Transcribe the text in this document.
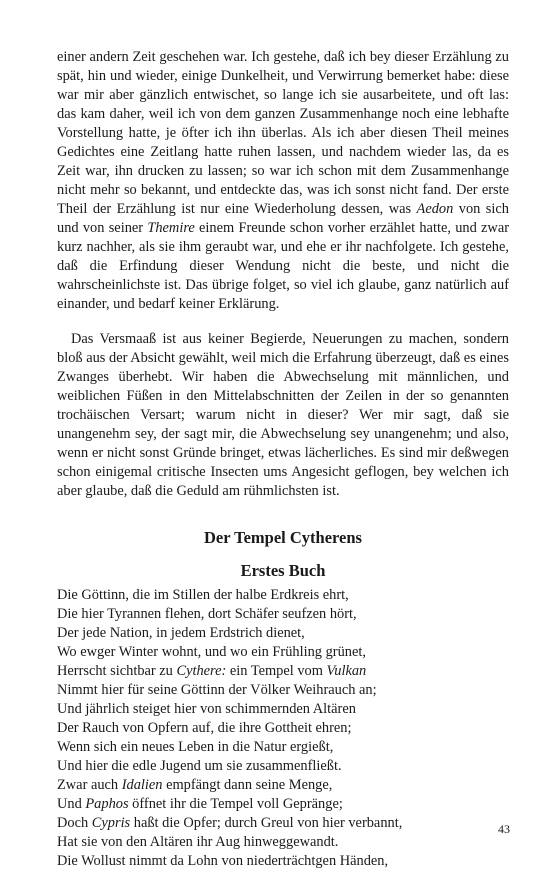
einer andern Zeit geschehen war. Ich gestehe, daß ich bey dieser Erzählung zu spät, hin und wieder, einige Dunkelheit, und Verwirrung bemerket habe: diese war mir aber gänzlich entwischet, so lange ich sie ausarbeitete, und oft las: das kam daher, weil ich von dem ganzen Zusammenhange noch eine lebhafte Vorstellung hatte, je öfter ich ihn überlas. Als ich aber diesen Theil meines Gedichtes eine Zeitlang hatte ruhen lassen, und nachdem wieder las, da es Zeit war, ihn drucken zu lassen; so war ich schon mit dem Zusammenhange nicht mehr so bekannt, und entdeckte das, was ich sonst nicht fand. Der erste Theil der Erzählung ist nur eine Wiederholung dessen, was Aedon von sich und von seiner Themire einem Freunde schon vorher erzählet hatte, und zwar kurz nachher, als sie ihm geraubt war, und ehe er ihr nachfolgete. Ich gestehe, daß die Erfindung dieser Wendung nicht die beste, und nicht die wahrscheinlichste ist. Das übrige folget, so viel ich glaube, ganz natürlich auf einander, und bedarf keiner Erklärung.

Das Versmaaß ist aus keiner Begierde, Neuerungen zu machen, sondern bloß aus der Absicht gewählt, weil mich die Erfahrung überzeugt, daß es eines Zwanges überhebt. Wir haben die Abwechselung mit männlichen, und weiblichen Füßen in den Mittelabschnitten der Zeilen in der so genannten trochäischen Versart; warum nicht in dieser? Wer mir sagt, daß sie unangenehm sey, der sagt mir, die Abwechselung sey unangenehm; und also, wenn er nicht sonst Gründe bringet, etwas lächerliches. Es sind mir deßwegen schon einigemal critische Insecten ums Angesicht geflogen, bey welchen ich aber glaube, daß die Geduld am rühmlichsten ist.

Der Tempel Cytherens
Erstes Buch
Die Göttinn, die im Stillen der halbe Erdkreis ehrt,
Die hier Tyrannen flehen, dort Schäfer seufzen hört,
Der jede Nation, in jedem Erdstrich dienet,
Wo ewger Winter wohnt, und wo ein Frühling grünet,
Herrscht sichtbar zu Cythere: ein Tempel vom Vulkan
Nimmt hier für seine Göttinn der Völker Weihrauch an;
Und jährlich steiget hier von schimmernden Altären
Der Rauch von Opfern auf, die ihre Gottheit ehren;
Wenn sich ein neues Leben in die Natur ergießt,
Und hier die edle Jugend um sie zusammenfließt.
Zwar auch Idalien empfängt dann seine Menge,
Und Paphos öffnet ihr die Tempel voll Gepränge;
Doch Cypris haßt die Opfer; durch Greul von hier verbannt,
Hat sie von den Altären ihr Aug hinweggewandt.
Die Wollust nimmt da Lohn von niederträchtgen Händen,
43
